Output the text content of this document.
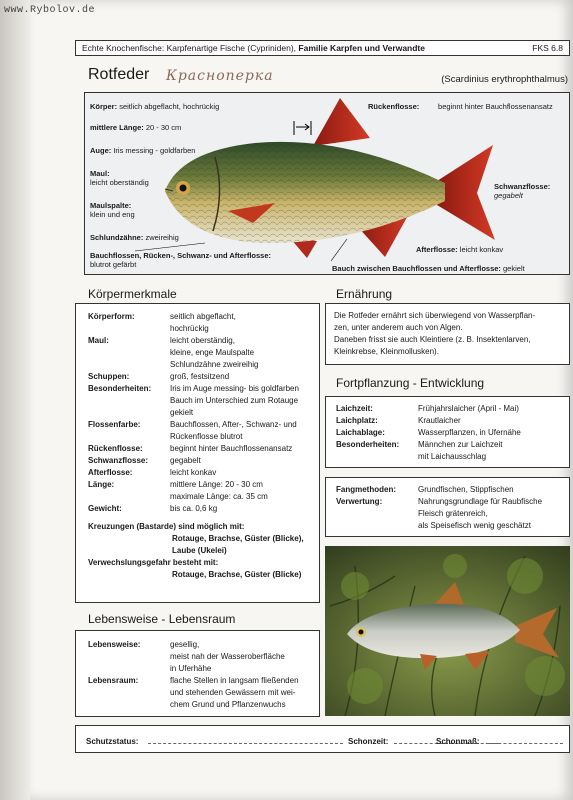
www.Rybolov.de
Echte Knochenfische: Karpfenartige Fische (Cypriniden), Familie Karpfen und Verwandte	FKS 6.8
Rotfeder Красноперка	(Scardinius erythrophthalmus)
Körper: seitlich abgeflacht, hochrückig
mittlere Länge: 20 - 30 cm
Auge: Iris messing - goldfarben
Maul:
leicht oberständig
Maulspalte:
klein und eng
Schlundzähne: zweireihig
Bauchflossen, Rücken-, Schwanz- und Afterflosse:
blutrot gefärbt
Rückenflosse:	beginnt hinter Bauchflossenansatz
Schwanzflosse:
gegabelt
Afterflosse: leicht konkav
Bauch zwischen Bauchflossen und Afterflosse: gekielt
Körpermerkmale
Körperform:	seitlich abgeflacht,
	hochrückig
Maul:	leicht oberständig,
	kleine, enge Maulspalte
	Schlundzähne zweireihig
Schuppen:	groß, festsitzend
Besonderheiten:	Iris im Auge messing- bis goldfarben
	Bauch im Unterschied zum Rotauge
	gekielt
Flossenfarbe:	Bauchflossen, After-, Schwanz- und
	Rückenflosse blutrot
Rückenflosse:	beginnt hinter Bauchflossenansatz
Schwanzflosse:	gegabelt
Afterflosse:	leicht konkav
Länge:	mittlere Länge: 20 - 30 cm
	maximale Länge: ca. 35 cm
Gewicht:	bis ca. 0,6 kg
Kreuzungen (Bastarde) sind möglich mit:
Rotauge, Brachse, Güster (Blicke),
Laube (Ukelei)
Verwechslungsgefahr besteht mit:
Rotauge, Brachse, Güster (Blicke)
Lebensweise - Lebensraum
Lebensweise:	gesellig,
	meist nah der Wasseroberfläche
	in Uferhähe
Lebensraum:	flache Stellen in langsam fließenden
	und stehenden Gewässern mit wei-
	chem Grund und Pflanzenwuchs
Ernährung
Die Rotfeder ernährt sich überwiegend von Wasserpflan-
zen, unter anderem auch von Algen.
Daneben frisst sie auch Kleintiere (z. B. Insektenlarven,
Kleinkrebse, Kleinmollusken).
Fortpflanzung - Entwicklung
Laichzeit:	Frühjahrslaicher (April - Mai)
Laichplatz:	Krautlaicher
Laichablage:	Wasserpflanzen, in Ufernähe
Besonderheiten:	Männchen zur Laichzeit
	mit Laichausschlag
Fangmethoden:	Grundfischen, Stippfischen
Verwertung:	Nahrungsgrundlage für Raubfische
	Fleisch grätenreich,
	als Speisefisch wenig geschätzt
Schutzstatus:	Schonzeit:	Schonmaß:
